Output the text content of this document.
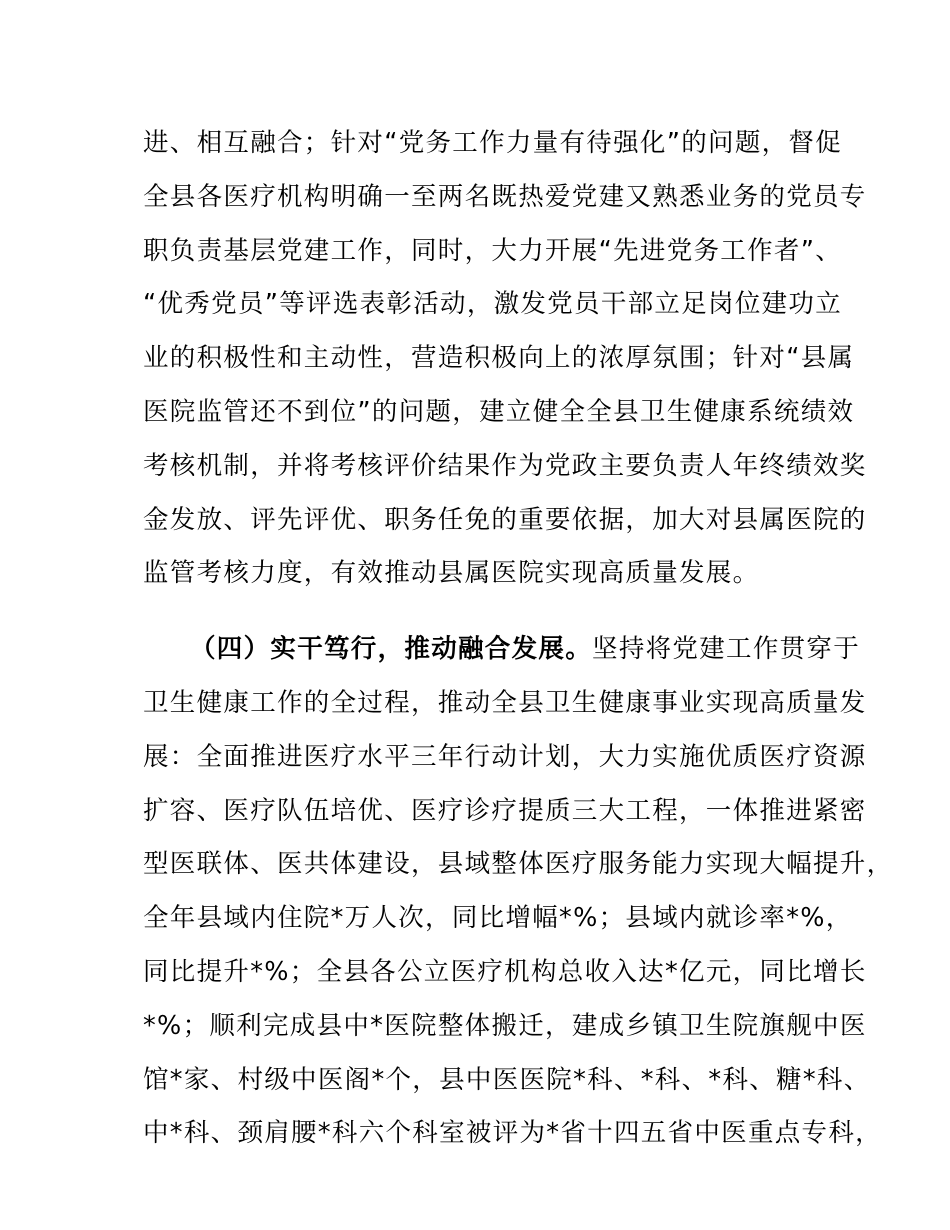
进、相互融合；针对“党务工作力量有待强化”的问题，督促
全县各医疗机构明确一至两名既热爱党建又熟悉业务的党员专
职负责基层党建工作，同时，大力开展“先进党务工作者”、
“优秀党员”等评选表彰活动，激发党员干部立足岗位建功立
业的积极性和主动性，营造积极向上的浓厚氛围；针对“县属
医院监管还不到位”的问题，建立健全全县卫生健康系统绩效
考核机制，并将考核评价结果作为党政主要负责人年终绩效奖
金发放、评先评优、职务任免的重要依据，加大对县属医院的
监管考核力度，有效推动县属医院实现高质量发展。
（四）实干笃行，推动融合发展。坚持将党建工作贯穿于
卫生健康工作的全过程，推动全县卫生健康事业实现高质量发
展：全面推进医疗水平三年行动计划，大力实施优质医疗资源
扩容、医疗队伍培优、医疗诊疗提质三大工程，一体推进紧密
型医联体、医共体建设，县域整体医疗服务能力实现大幅提升，
全年县域内住院*万人次，同比增幅*%；县域内就诊率*%，
同比提升*%；全县各公立医疗机构总收入达*亿元，同比增长
*%；顺利完成县中*医院整体搬迁，建成乡镇卫生院旗舰中医
馆*家、村级中医阁*个，县中医医院*科、*科、*科、糖*科、
中*科、颈肩腰*科六个科室被评为*省十四五省中医重点专科，
